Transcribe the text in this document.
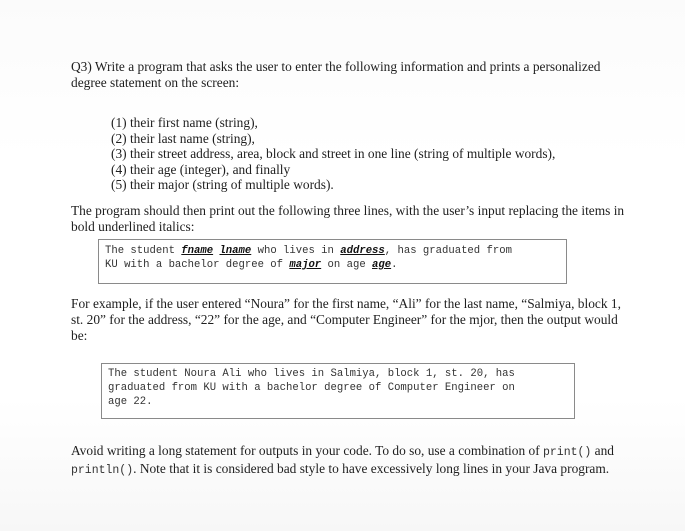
Q3) Write a program that asks the user to enter the following information and prints a personalized degree statement on the screen:

(1) their first name (string),
(2) their last name (string),
(3) their street address, area, block and street in one line (string of multiple words),
(4) their age (integer), and finally
(5) their major (string of multiple words).

The program should then print out the following three lines, with the user’s input replacing the items in bold underlined italics:

The student fname lname who lives in address, has graduated from
KU with a bachelor degree of major on age age.

For example, if the user entered “Noura” for the first name, “Ali” for the last name, “Salmiya, block 1, st. 20” for the address, “22” for the age, and “Computer Engineer” for the mjor, then the output would be:

The student Noura Ali who lives in Salmiya, block 1, st. 20, has
graduated from KU with a bachelor degree of Computer Engineer on
age 22.

Avoid writing a long statement for outputs in your code. To do so, use a combination of print() and println(). Note that it is considered bad style to have excessively long lines in your Java program.
